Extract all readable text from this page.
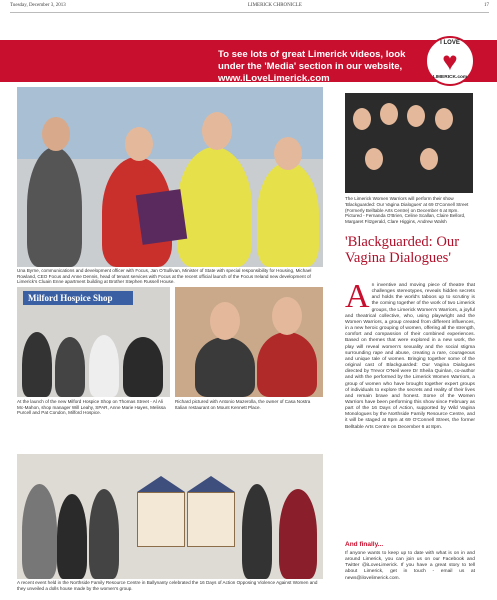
Tuesday, December 3, 2013	LIMERICK CHRONICLE	17
To see lots of great Limerick videos, look under the 'Media' section in our website, www.iLoveLimerick.com
I LOVE
♥
LIMERICK.com
Una Byrne, communications and development officer with Focus, Jan O'Sullivan, Minister of State with special responsibility for Housing, Michael Rowland, CEO Focus and Anne Dennis, head of tenant services with Focus at the recent official launch of the Focus Ireland new development of Limerick's Cluain Enne apartment building at Brother Stephen Russell House.
Milford Hospice Shop
At the launch of the new Milford Hospice Shop on Thomas Street - Al Ali Mc-Mahon, shop manager Will Leahy, SPAR, Anne Marie Hayes, Melissa Purcell and Pat Condon, Milford Hospice.
Richard pictured with Antonio Mazerolla, the owner of Casa Nostra Italian restaurant on Mount Kennett Place.
A recent event held in the Northside Family Resource Centre in Ballynanty celebrated the 16 Days of Action Opposing Violence Against Women and they unveiled a dolls house made by the women's group.
The Limerick Women Warriors will perform their show 'Blackguarded: Our Vagina Dialogues' at 69 O'Connell Street (Formerly Belltable Arts Centre) on December 6 at 8pm. Pictured - Fernanda O'Brien, Celine Scallan, Claire Bellord, Margaret Fitzgerald, Clare Higgins, Andrew Walsh
'Blackguarded: Our Vagina Dialogues'
An inventive and moving piece of theatre that challenges stereotypes, reveals hidden secrets and holds the world's taboos up to scrutiny is the coming together of the work of two Limerick groups, the Limerick Women's Warriors, a joyful and theatrical collective, who, using playwright and the Women Warriors, a group created from different influences, in a new heroic grouping of women, offering all the strength, comfort and compassion of their combined experiences. Based on themes that were explored in a new work, the play will reveal women's sexuality and the social stigma surrounding rape and abuse, creating a rare, courageous and unique tale of women. Bringing together some of the original cast of Blackguarded: Our Vagina Dialogues directed by Trevor O'Neil were Dr Sheila Quinlan, co-author and with the performed by the Limerick Women Warriors, a group of women who have brought together expert groups of individuals to explore the secrets and reality of their lives and remain brave and honest. Some of the Women Warriors have been performing this show since February as part of the 16 Days of Action, supported by Wild Vagina Monologues by the Northside Family Resource Centre, and it will be staged at 8pm at 69 O'Connell Street, the former Belltable Arts Centre on December 6 at 8pm.
And finally...
If anyone wants to keep up to date with what is on in and around Limerick, you can join us on our Facebook and Twitter @iLoveLimerick. If you have a great story to tell about Limerick, get in touch - email us at news@ilovelimerick.com.
